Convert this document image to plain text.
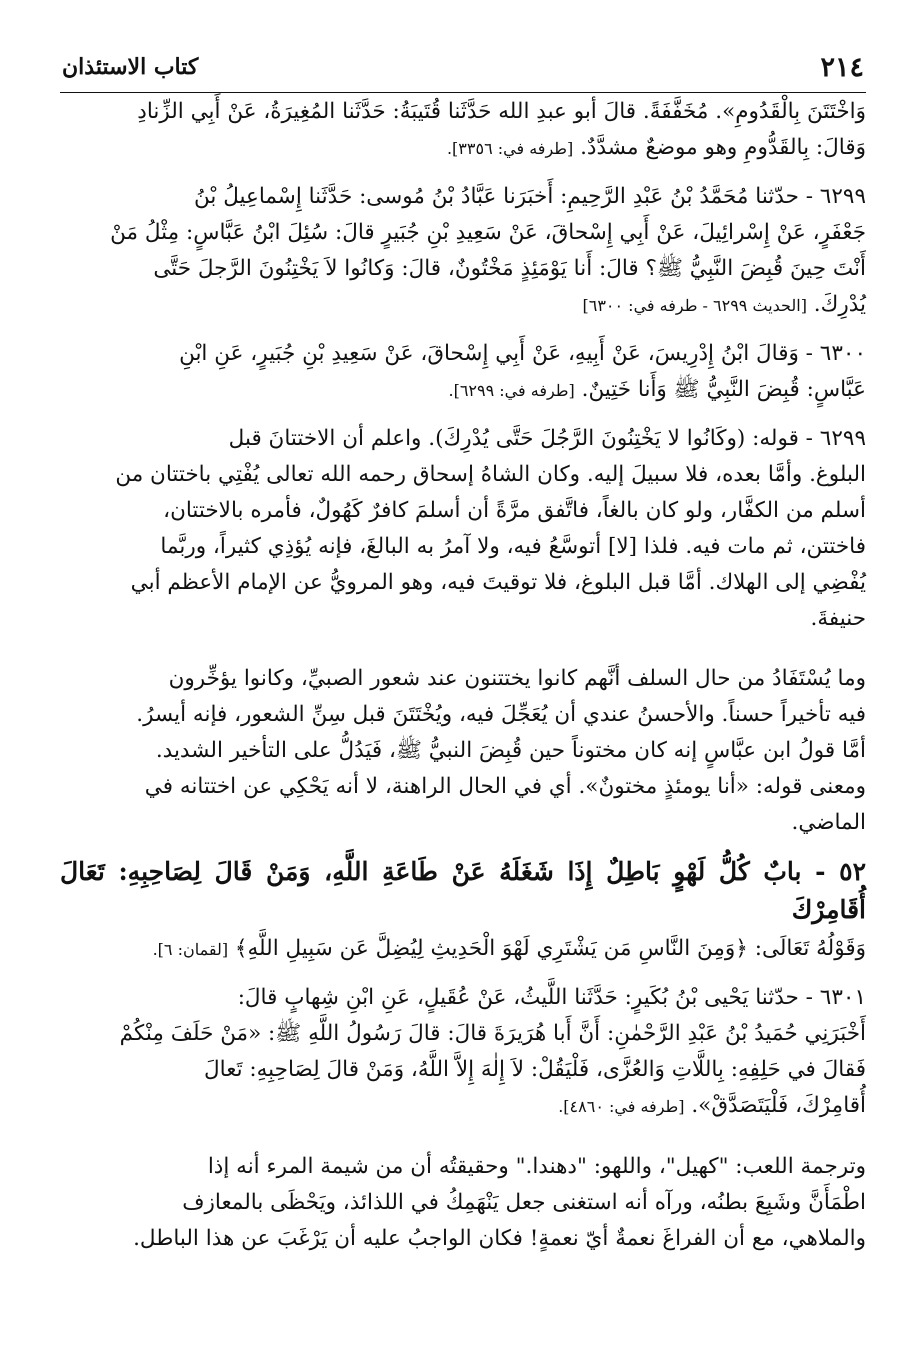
٢١٤
كتاب الاستئذان

وَاخْتَتَنَ بِالْقَدُومِ». مُخَفَّفَةً. قالَ أبو عبدِ الله حَدَّثَنا قُتَيبَةُ: حَدَّثَنا المُغِيرَةُ، عَنْ أَبِي الزِّنادِ

وَقالَ: بِالقَدُّومِ وهو موضعٌ مشدَّدٌ. [طرفه في: ٣٣٥٦].

٦٢٩٩ - حدّثنا مُحَمَّدُ بْنُ عَبْدِ الرَّحِيمِ: أَخبَرَنا عَبَّادُ بْنُ مُوسى: حَدَّثَنا إِسْماعِيلُ بْنُ

جَعْفَرٍ، عَنْ إِسْرائِيلَ، عَنْ أَبِي إِسْحاقَ، عَنْ سَعِيدِ بْنِ جُبَيرٍ قالَ: سُئِلَ ابْنُ عَبَّاسٍ: مِثْلُ مَنْ

أَنْتَ حِينَ قُبِضَ النَّبِيُّ ﷺ؟ قالَ: أَنا يَوْمَئِذٍ مَخْتُونٌ، قالَ: وَكانُوا لاَ يَخْتِنُونَ الرَّجلَ حَتَّى

يُدْرِكَ. [الحديث ٦٢٩٩ - طرفه في: ٦٣٠٠]

٦٣٠٠ - وَقالَ ابْنُ إِدْرِيسَ، عَنْ أَبِيهِ، عَنْ أَبِي إِسْحاقَ، عَنْ سَعِيدِ بْنِ جُبَيرٍ، عَنِ ابْنِ

عَبَّاسٍ: قُبِضَ النَّبِيُّ ﷺ وَأَنا خَتِينٌ. [طرفه في: ٦٢٩٩].

٦٢٩٩ - قوله: (وكَانُوا لا يَخْتِنُونَ الرَّجُلَ حَتَّى يُدْرِكَ). واعلم أن الاختتانَ قبل

البلوغ. وأمَّا بعده، فلا سبيلَ إليه. وكان الشاهُ إسحاق رحمه الله تعالى يُفْتِي باختتان من

أسلم من الكفَّار، ولو كان بالغاً، فاتَّفق مرَّةً أن أسلمَ كافرٌ كَهُولٌ، فأمره بالاختتان،

فاختتن، ثم مات فيه. فلذا [لا] أتوسَّعُ فيه، ولا آمرُ به البالغَ، فإنه يُؤذِي كثيراً، وربَّما

يُفْضِي إلى الهلاك. أمَّا قبل البلوغ، فلا توقيتَ فيه، وهو المرويُّ عن الإمام الأعظم أبي

حنيفةَ.

وما يُسْتَفَادُ من حال السلف أنَّهم كانوا يختتنون عند شعور الصبيِّ، وكانوا يؤخِّرون

فيه تأخيراً حسناً. والأحسنُ عندي أن يُعَجِّلَ فيه، ويُخْتَتَنَ قبل سِنِّ الشعور، فإنه أيسرُ.

أمَّا قولُ ابن عبَّاسٍ إنه كان مختوناً حين قُبِضَ النبيُّ ﷺ، فَيَدُلُّ على التأخير الشديد.

ومعنى قوله: «أنا يومئذٍ مختونٌ». أي في الحال الراهنة، لا أنه يَحْكِي عن اختتانه في

الماضي.

٥٢ - بابٌ كُلُّ لَهْوٍ بَاطِلٌ إِذَا شَغَلَهُ عَنْ طَاعَةِ اللَّهِ، وَمَنْ قَالَ لِصَاحِبِهِ: تَعَالَ أُقَامِرْكَ

وَقَوْلُهُ تَعَالَى: ﴿وَمِنَ النَّاسِ مَن يَشْتَرِي لَهْوَ الْحَدِيثِ لِيُضِلَّ عَن سَبِيلِ اللَّهِ﴾ [لقمان: ٦].

٦٣٠١ - حدّثنا يَحْيى بْنُ بُكَيرٍ: حَدَّثَنا اللَّيثُ، عَنْ عُقَيلٍ، عَنِ ابْنِ شِهابٍ قالَ:

أَخْبَرَنِي حُمَيدُ بْنُ عَبْدِ الرَّحْمٰنِ: أَنَّ أَبا هُرَيرَةَ قالَ: قالَ رَسُولُ اللَّهِ ﷺ: «مَنْ حَلَفَ مِنْكُمْ

فَقالَ في حَلِفِهِ: بِاللَّاتِ وَالعُزَّى، فَلْيَقُلْ: لاَ إِلٰهَ إِلاَّ اللَّهُ، وَمَنْ قالَ لِصَاحِبِهِ: تَعالَ

أُقامِرْكَ، فَلْيَتَصَدَّقْ». [طرفه في: ٤٨٦٠].

وترجمة اللعب: "كهيل"، واللهو: "دهندا." وحقيقتُه أن من شيمة المرء أنه إذا

اطْمَأَنَّ وشَبِعَ بطنُه، ورآه أنه استغنى جعل يَنْهَمِكُ في اللذائذ، ويَحْظَى بالمعازف

والملاهي، مع أن الفراغَ نعمةٌ أيّ نعمةٍ! فكان الواجبُ عليه أن يَرْغَبَ عن هذا الباطل.
